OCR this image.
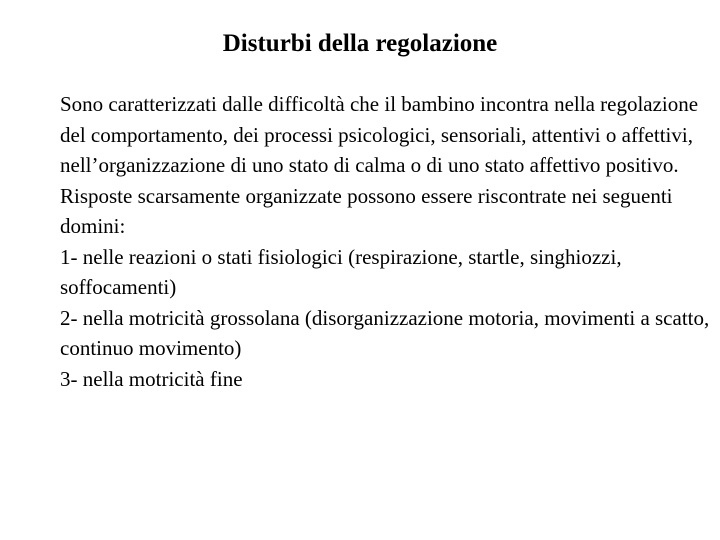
Disturbi della regolazione

Sono caratterizzati dalle difficoltà che il bambino incontra nella regolazione del comportamento, dei processi psicologici, sensoriali, attentivi o affettivi, nell’organizzazione di uno stato di calma o di uno stato affettivo positivo. Risposte scarsamente organizzate possono essere riscontrate nei seguenti domini:

1- nelle reazioni o stati fisiologici (respirazione, startle, singhiozzi, soffocamenti)

2- nella motricità grossolana (disorganizzazione motoria, movimenti a scatto, continuo movimento)

3- nella motricità fine
